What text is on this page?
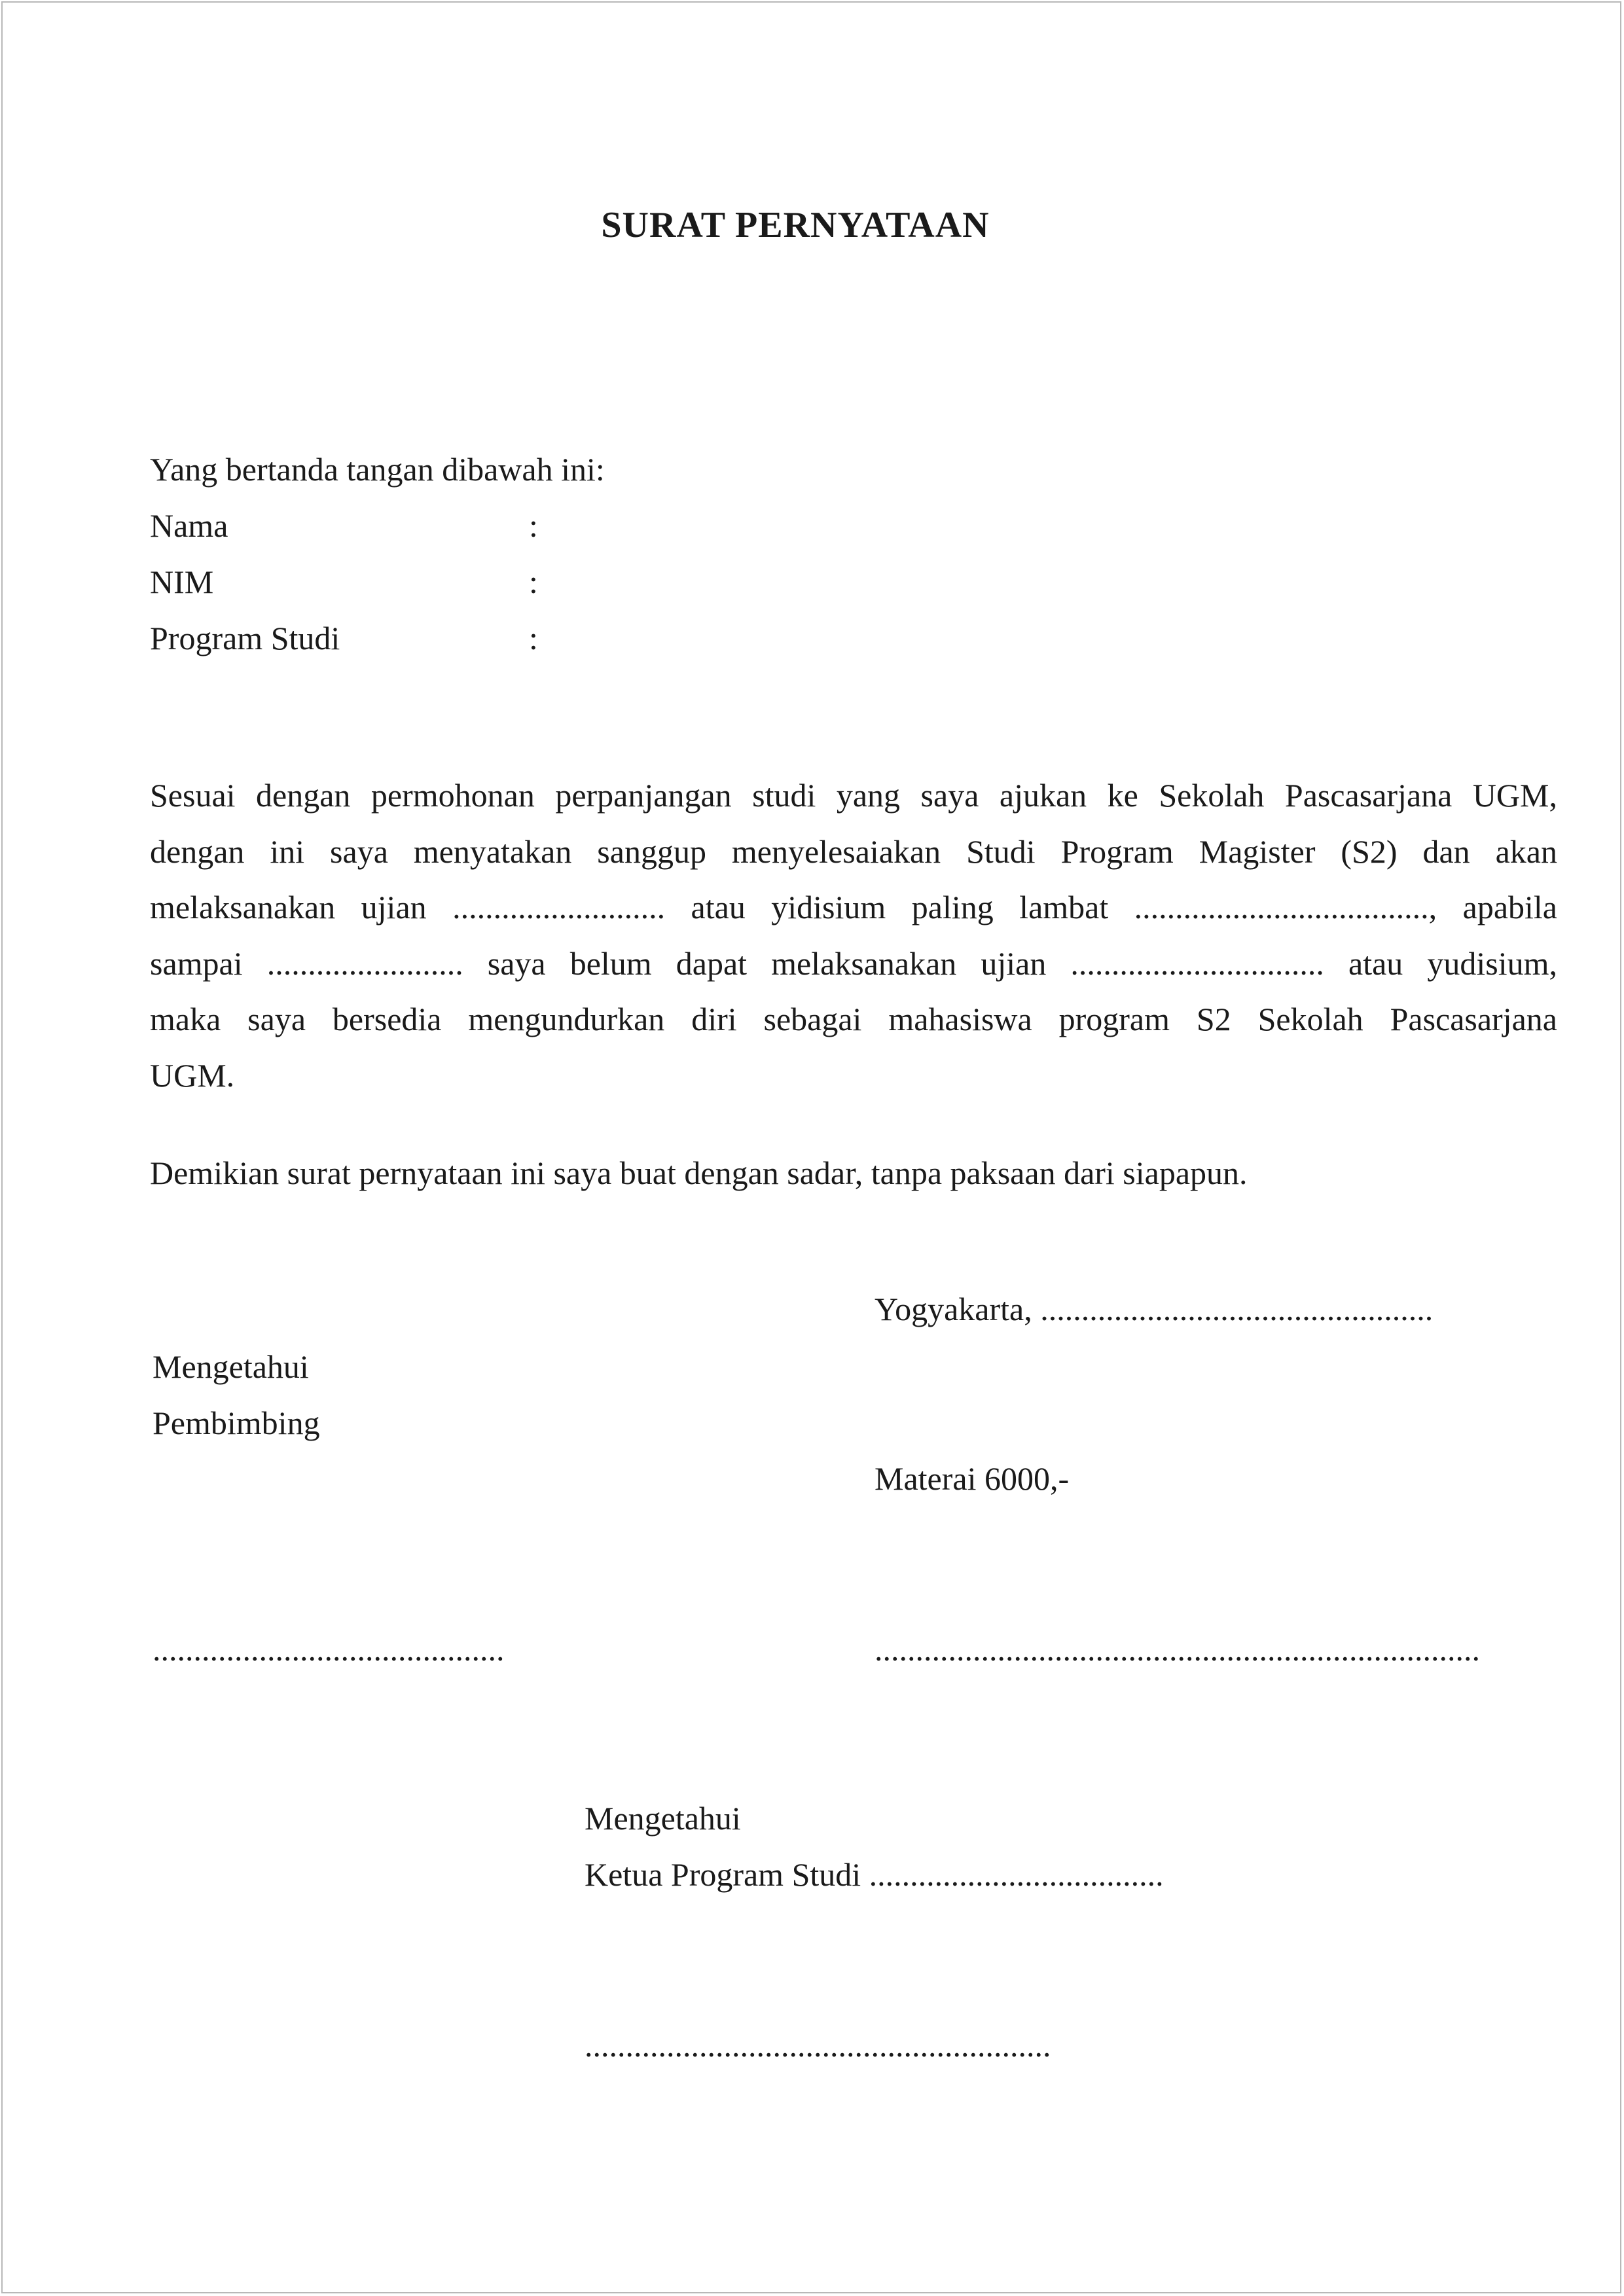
SURAT PERNYATAAN
Yang bertanda tangan dibawah ini:
Nama	:
NIM	:
Program Studi	:
Sesuai dengan permohonan perpanjangan studi yang saya ajukan ke Sekolah Pascasarjana UGM,
dengan ini saya menyatakan sanggup menyelesaiakan Studi Program Magister (S2) dan akan
melaksanakan ujian .......................... atau yidisium paling lambat ...................................., apabila
sampai ........................ saya belum dapat melaksanakan ujian ............................... atau yudisium,
maka saya bersedia mengundurkan diri sebagai mahasiswa program S2 Sekolah Pascasarjana
UGM.
Demikian surat pernyataan ini saya buat dengan sadar, tanpa paksaan dari siapapun.
Yogyakarta, ................................................
Mengetahui
Pembimbing
Materai 6000,-
...........................................	..........................................................................
Mengetahui
Ketua Program Studi ....................................
.........................................................
